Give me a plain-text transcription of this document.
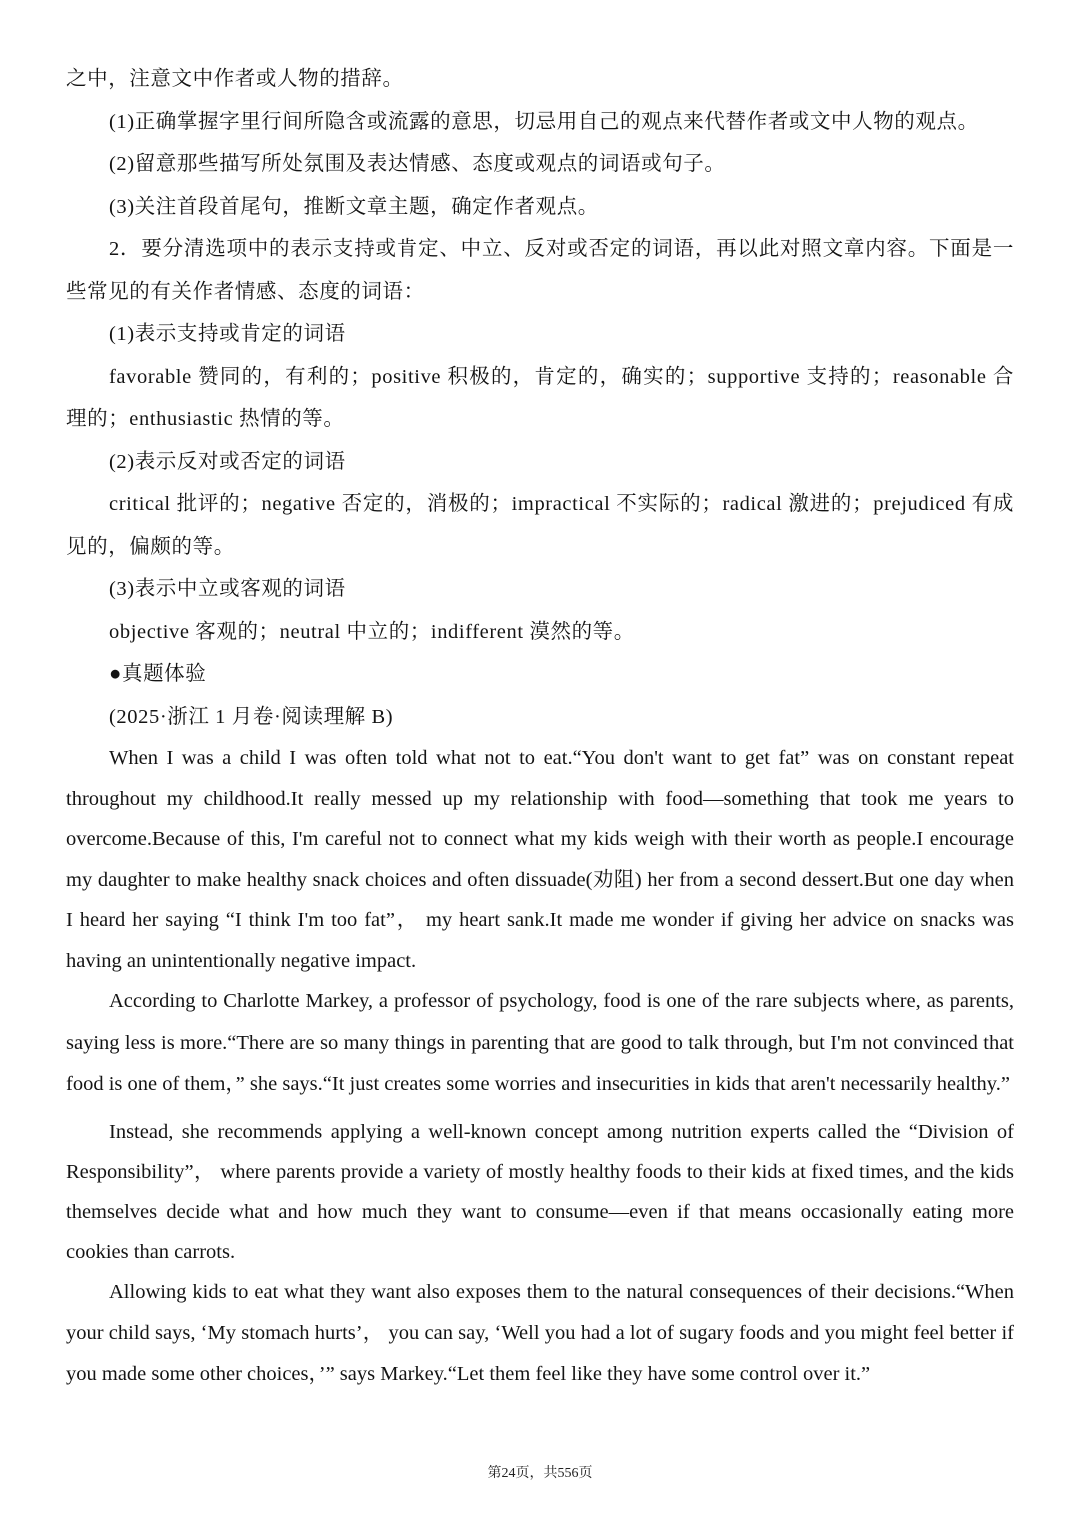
之中，注意文中作者或人物的措辞。

(1)正确掌握字里行间所隐含或流露的意思，切忌用自己的观点来代替作者或文中人物的观点。

(2)留意那些描写所处氛围及表达情感、态度或观点的词语或句子。

(3)关注首段首尾句，推断文章主题，确定作者观点。

2．要分清选项中的表示支持或肯定、中立、反对或否定的词语，再以此对照文章内容。下面是一些常见的有关作者情感、态度的词语：

(1)表示支持或肯定的词语

favorable 赞同的，有利的；positive 积极的，肯定的，确实的；supportive 支持的；reasonable 合理的；enthusiastic 热情的等。

(2)表示反对或否定的词语

critical 批评的；negative 否定的，消极的；impractical 不实际的；radical 激进的；prejudiced 有成见的，偏颇的等。

(3)表示中立或客观的词语

objective 客观的；neutral 中立的；indifferent 漠然的等。

●真题体验

(2025·浙江 1 月卷·阅读理解 B)

When I was a child I was often told what not to eat.“You don't want to get fat” was on constant repeat throughout my childhood.It really messed up my relationship with food—something that took me years to overcome.Because of this, I'm careful not to connect what my kids weigh with their worth as people.I encourage my daughter to make healthy snack choices and often dissuade(劝阻) her from a second dessert.But one day when I heard her saying “I think I'm too fat”， my heart sank.It made me wonder if giving her advice on snacks was having an unintentionally negative impact.

According to Charlotte Markey, a professor of psychology, food is one of the rare subjects where, as parents, saying less is more.“There are so many things in parenting that are good to talk through, but I'm not convinced that food is one of them，” she says.“It just creates some worries and insecurities in kids that aren't necessarily healthy.”

Instead, she recommends applying a well-known concept among nutrition experts called the “Division of Responsibility”， where parents provide a variety of mostly healthy foods to their kids at fixed times, and the kids themselves decide what and how much they want to consume—even if that means occasionally eating more cookies than carrots.

Allowing kids to eat what they want also exposes them to the natural consequences of their decisions.“When your child says, ‘My stomach hurts’， you can say, ‘Well you had a lot of sugary foods and you might feel better if you made some other choices，’” says Markey.“Let them feel like they have some control over it.”

第24页，共556页
